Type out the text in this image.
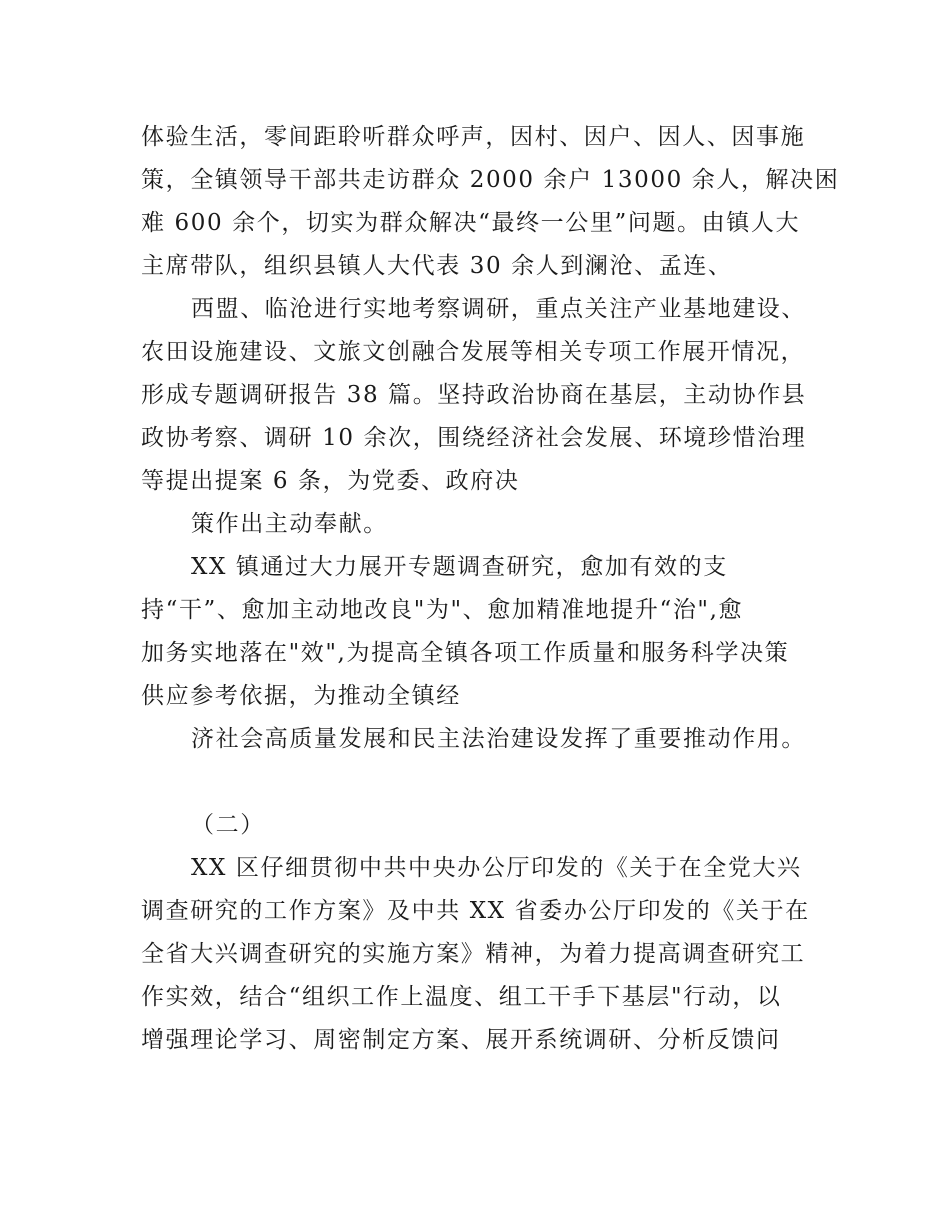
体验生活，零间距聆听群众呼声，因村、因户、因人、因事施
策，全镇领导干部共走访群众 2000 余户 13000 余人，解决困
难 600 余个，切实为群众解决“最终一公里”问题。由镇人大
主席带队，组织县镇人大代表 30 余人到澜沧、孟连、
西盟、临沧进行实地考察调研，重点关注产业基地建设、
农田设施建设、文旅文创融合发展等相关专项工作展开情况，
形成专题调研报告 38 篇。坚持政治协商在基层，主动协作县
政协考察、调研 10 余次，围绕经济社会发展、环境珍惜治理
等提出提案 6 条，为党委、政府决
策作出主动奉献。
XX 镇通过大力展开专题调查研究，愈加有效的支
持“干”、愈加主动地改良"为"、愈加精准地提升“治",愈
加务实地落在"效",为提高全镇各项工作质量和服务科学决策
供应参考依据，为推动全镇经
济社会高质量发展和民主法治建设发挥了重要推动作用。
（二）
XX 区仔细贯彻中共中央办公厅印发的《关于在全党大兴
调查研究的工作方案》及中共 XX 省委办公厅印发的《关于在
全省大兴调查研究的实施方案》精神，为着力提高调查研究工
作实效，结合“组织工作上温度、组工干手下基层"行动，以
增强理论学习、周密制定方案、展开系统调研、分析反馈问
